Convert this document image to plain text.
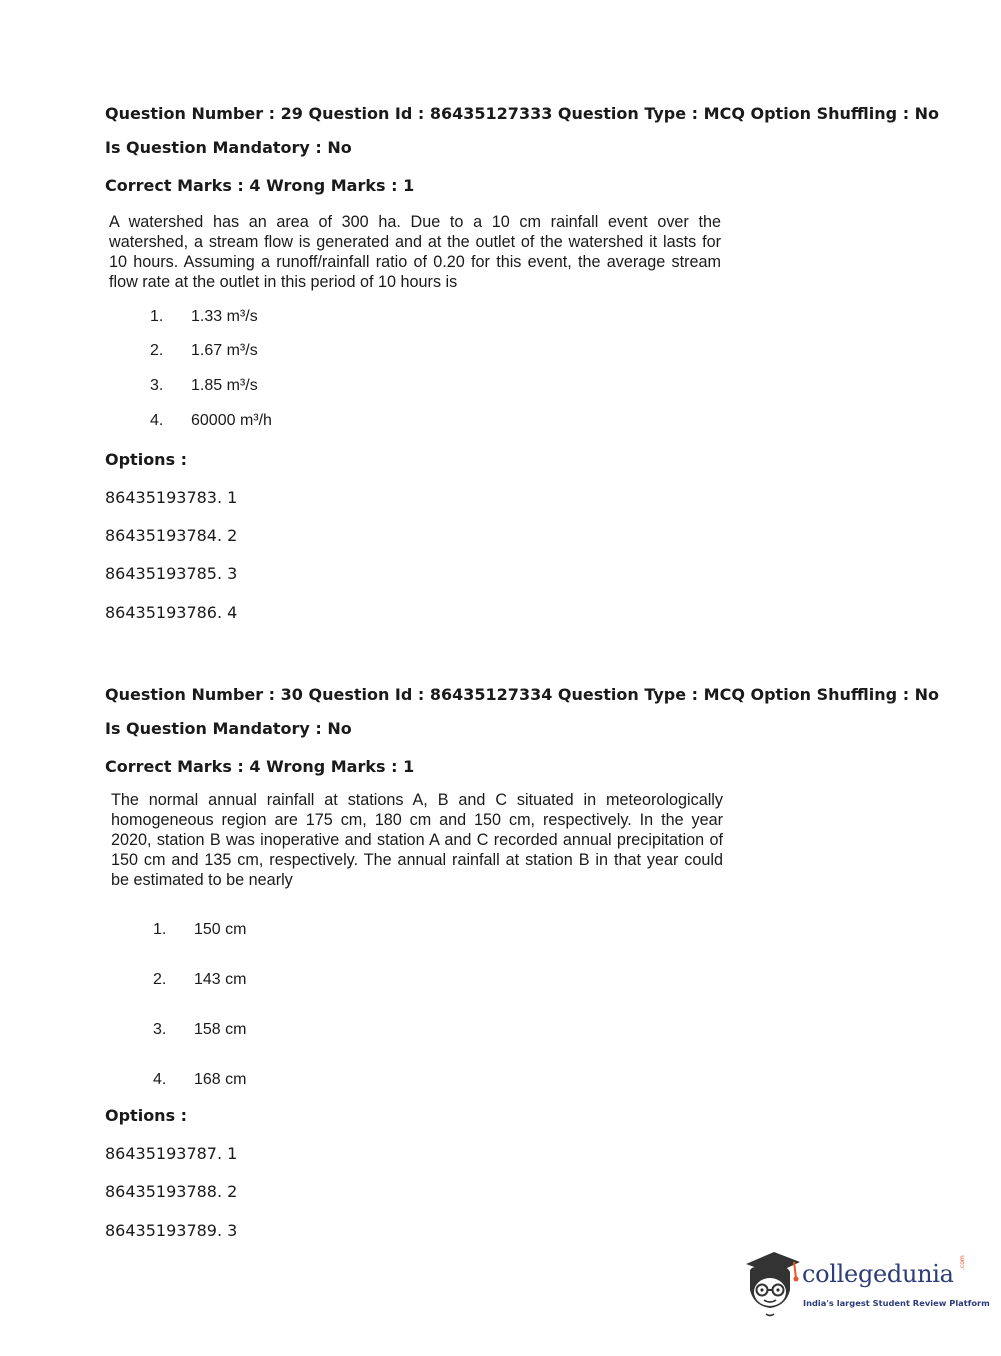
Question Number : 29 Question Id : 86435127333 Question Type : MCQ Option Shuffling : No

Is Question Mandatory : No

Correct Marks : 4 Wrong Marks : 1

A watershed has an area of 300 ha. Due to a 10 cm rainfall event over the watershed, a stream flow is generated and at the outlet of the watershed it lasts for 10 hours. Assuming a runoff/rainfall ratio of 0.20 for this event, the average stream flow rate at the outlet in this period of 10 hours is

1. 1.33 m³/s
2. 1.67 m³/s
3. 1.85 m³/s
4. 60000 m³/h

Options :

86435193783. 1
86435193784. 2
86435193785. 3
86435193786. 4

Question Number : 30 Question Id : 86435127334 Question Type : MCQ Option Shuffling : No

Is Question Mandatory : No

Correct Marks : 4 Wrong Marks : 1

The normal annual rainfall at stations A, B and C situated in meteorologically homogeneous region are 175 cm, 180 cm and 150 cm, respectively. In the year 2020, station B was inoperative and station A and C recorded annual precipitation of 150 cm and 135 cm, respectively. The annual rainfall at station B in that year could be estimated to be nearly

1. 150 cm
2. 143 cm
3. 158 cm
4. 168 cm

Options :

86435193787. 1
86435193788. 2
86435193789. 3
collegedunia .com
India's largest Student Review Platform
